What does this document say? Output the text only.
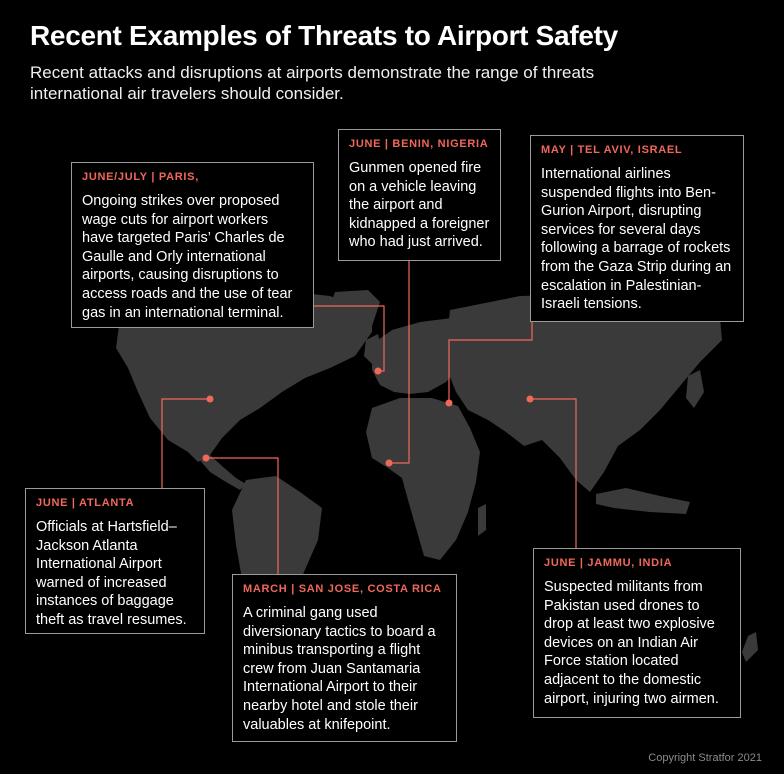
Recent Examples of Threats to Airport Safety
Recent attacks and disruptions at airports demonstrate the range of threats international air travelers should consider.
JUNE/JULY | PARIS,
Ongoing strikes over proposed wage cuts for airport workers have targeted Paris’ Charles de Gaulle and Orly international airports, causing disruptions to access roads and the use of tear gas in an international terminal.
JUNE | BENIN, NIGERIA
Gunmen opened fire on a vehicle leaving the airport and kidnapped a foreigner who had just arrived.
MAY | TEL AVIV, ISRAEL
International airlines suspended flights into Ben-Gurion Airport, disrupting services for several days following a barrage of rockets from the Gaza Strip during an escalation in Palestinian-Israeli tensions.
JUNE | ATLANTA
Officials at Hartsfield–Jackson Atlanta International Airport warned of increased instances of baggage theft as travel resumes.
MARCH | SAN JOSE, COSTA RICA
A criminal gang used diversionary tactics to board a minibus transporting a flight crew from Juan Santamaria International Airport to their nearby hotel and stole their valuables at knifepoint.
JUNE | JAMMU, INDIA
Suspected militants from Pakistan used drones to drop at least two explosive devices on an Indian Air Force station located adjacent to the domestic airport, injuring two airmen.
Copyright Stratfor 2021
